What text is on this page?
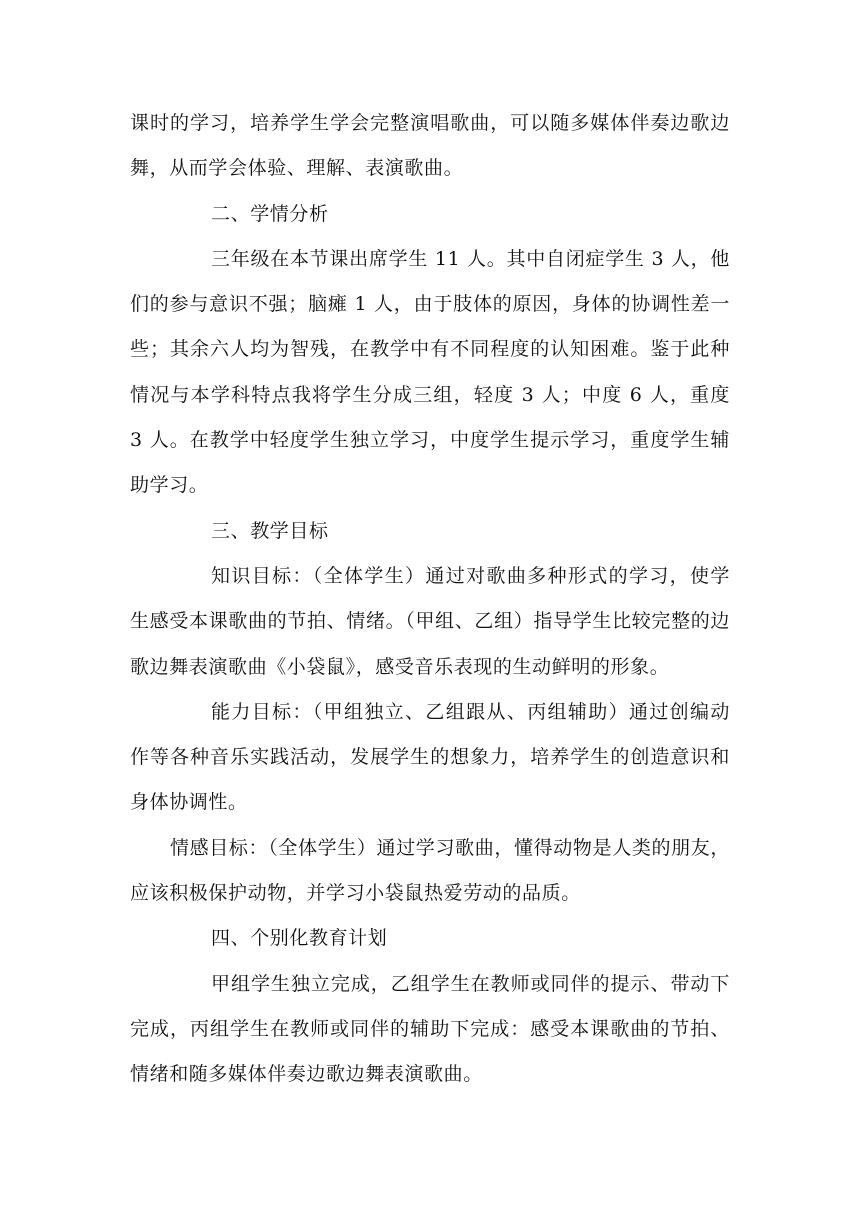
课时的学习，培养学生学会完整演唱歌曲，可以随多媒体伴奏边歌边舞，从而学会体验、理解、表演歌曲。

二、学情分析

三年级在本节课出席学生 11 人。其中自闭症学生 3 人，他们的参与意识不强；脑瘫 1 人，由于肢体的原因，身体的协调性差一些；其余六人均为智残，在教学中有不同程度的认知困难。鉴于此种情况与本学科特点我将学生分成三组，轻度 3 人；中度 6 人，重度 3 人。在教学中轻度学生独立学习，中度学生提示学习，重度学生辅助学习。

三、教学目标

知识目标：（全体学生）通过对歌曲多种形式的学习，使学生感受本课歌曲的节拍、情绪。（甲组、乙组）指导学生比较完整的边歌边舞表演歌曲《小袋鼠》，感受音乐表现的生动鲜明的形象。

能力目标：（甲组独立、乙组跟从、丙组辅助）通过创编动作等各种音乐实践活动，发展学生的想象力，培养学生的创造意识和身体协调性。

情感目标：（全体学生）通过学习歌曲，懂得动物是人类的朋友，应该积极保护动物，并学习小袋鼠热爱劳动的品质。

四、个别化教育计划

甲组学生独立完成，乙组学生在教师或同伴的提示、带动下完成，丙组学生在教师或同伴的辅助下完成：感受本课歌曲的节拍、情绪和随多媒体伴奏边歌边舞表演歌曲。
